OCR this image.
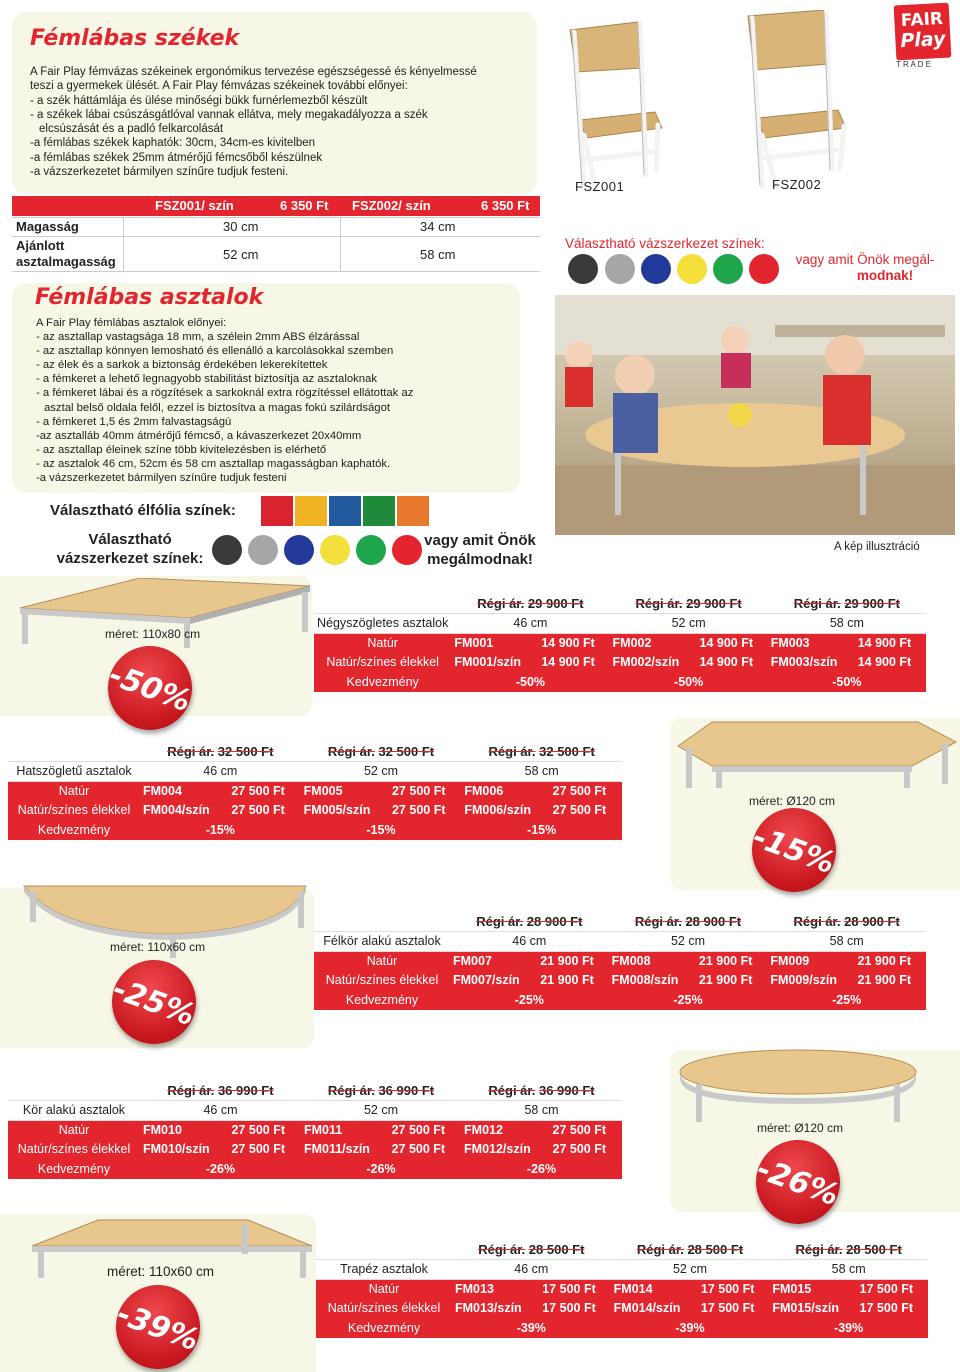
Fémlábas székek
A Fair Play fémvázas székeinek ergonómikus tervezése egészségessé és kényelmessé
teszi a gyermekek ülését. A Fair Play fémvázas székeinek további előnyei:
- a szék háttámlája és ülése minőségi bükk furnérlemezből készült
- a székek lábai csúszásgátlóval vannak ellátva, mely megakadályozza a szék
elcsúszását és a padló felkarcolását
-a fémlábas székek kaphatók: 30cm, 34cm-es kivitelben
-a fémlábas székek 25mm átmérőjű fémcsőből készülnek
-a vázszerkezetet bármilyen színűre tudjuk festeni.
FSZ001/ szín	6 350 Ft FSZ002/ szín	6 350 Ft
Magasság	30 cm	34 cm
Ajánlott
asztalmagasság	52 cm	58 cm
FSZ001	FSZ002
FAIR
Play
T R A D E
Választható vázszerkezet színek:
vagy amit Önök megál-
modnak!
Fémlábas asztalok
A Fair Play fémlábas asztalok előnyei:
- az asztallap vastagsága 18 mm, a szélein 2mm ABS élzárással
- az asztallap könnyen lemosható és ellenálló a karcolásokkal szemben
- az élek és a sarkok a biztonság érdekében lekerekítettek
- a fémkeret a lehető legnagyobb stabilitást biztosítja az asztaloknak
- a fémkeret lábai és a rögzítések a sarkoknál extra rögzítéssel ellátottak az
asztal belső oldala felől, ezzel is biztosítva a magas fokú szilárdságot
- a fémkeret 1,5 és 2mm falvastagságú
-az asztalláb 40mm átmérőjű fémcső, a kávaszerkezet 20x40mm
- az asztallap éleinek színe több kivitelezésben is elérhető
- az asztalok 46 cm, 52cm és 58 cm asztallap magasságban kaphatók.
-a vázszerkezetet bármilyen színűre tudjuk festeni
Választható élfólia színek:
Választható
vázszerkezet színek:
vagy amit Önök
megálmodnak!
A kép illusztráció
méret: 110x80 cm
-50%
	Régi ár. 29 900 Ft		Régi ár. 29 900 Ft		Régi ár. 29 900 Ft	
Négyszögletes asztalok	46 cm		52 cm		58 cm	
Natúr	FM001	14 900 Ft	FM002	14 900 Ft	FM003	14 900 Ft
Natúr/színes élekkel	FM001/szín	14 900 Ft	FM002/szín	14 900 Ft	FM003/szín	14 900 Ft
Kedvezmény	-50%		-50%		-50%	
méret: Ø120 cm
-15%
	Régi ár. 32 500 Ft		Régi ár. 32 500 Ft		Régi ár. 32 500 Ft	
Hatszögletű asztalok	46 cm		52 cm		58 cm	
Natúr	FM004	27 500 Ft	FM005	27 500 Ft	FM006	27 500 Ft
Natúr/színes élekkel	FM004/szín	27 500 Ft	FM005/szín	27 500 Ft	FM006/szín	27 500 Ft
Kedvezmény	-15%		-15%		-15%	
méret: 110x60 cm
-25%
	Régi ár. 28 900 Ft		Régi ár. 28 900 Ft		Régi ár. 28 900 Ft	
Félkör alakú asztalok	46 cm		52 cm		58 cm	
Natúr	FM007	21 900 Ft	FM008	21 900 Ft	FM009	21 900 Ft
Natúr/színes élekkel	FM007/szín	21 900 Ft	FM008/szín	21 900 Ft	FM009/szín	21 900 Ft
Kedvezmény	-25%		-25%		-25%	
méret: Ø120 cm
-26%
	Régi ár. 36 990 Ft		Régi ár. 36 990 Ft		Régi ár. 36 990 Ft	
Kör alakú asztalok	46 cm		52 cm		58 cm	
Natúr	FM010	27 500 Ft	FM011	27 500 Ft	FM012	27 500 Ft
Natúr/színes élekkel	FM010/szín	27 500 Ft	FM011/szín	27 500 Ft	FM012/szín	27 500 Ft
Kedvezmény	-26%		-26%		-26%	
méret: 110x60 cm
-39%
	Régi ár. 28 500 Ft		Régi ár. 28 500 Ft		Régi ár. 28 500 Ft	
Trapéz asztalok	46 cm		52 cm		58 cm	
Natúr	FM013	17 500 Ft	FM014	17 500 Ft	FM015	17 500 Ft
Natúr/színes élekkel	FM013/szín	17 500 Ft	FM014/szín	17 500 Ft	FM015/szín	17 500 Ft
Kedvezmény	-39%		-39%		-39%	
